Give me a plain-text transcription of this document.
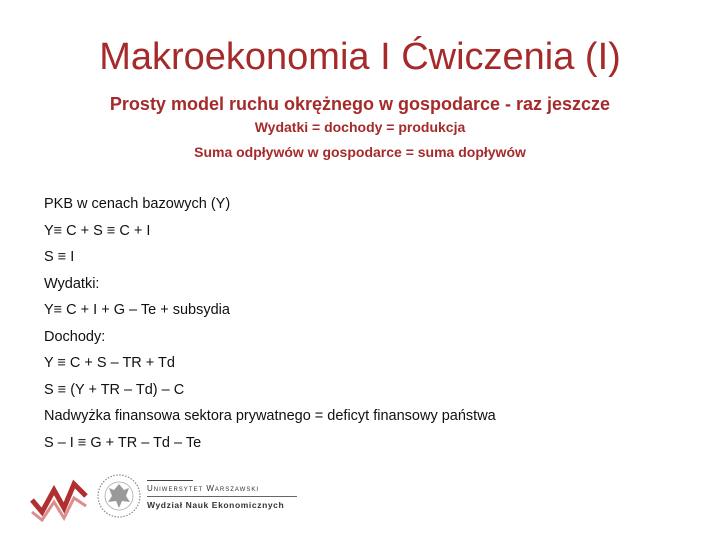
Makroekonomia I Ćwiczenia (I)
Prosty model ruchu okrężnego w gospodarce - raz jeszcze
Wydatki = dochody = produkcja
Suma odpływów w gospodarce = suma dopływów
PKB w cenach bazowych (Y)
Y≡ C + S ≡ C + I
S ≡ I
Wydatki:
Y≡ C + I + G – Te + subsydia
Dochody:
Y ≡ C + S – TR + Td
S ≡ (Y + TR – Td) – C
Nadwyżka finansowa sektora prywatnego = deficyt finansowy państwa
S – I ≡ G + TR – Td – Te
Uniwersytet Warszawski
Wydział Nauk Ekonomicznych
